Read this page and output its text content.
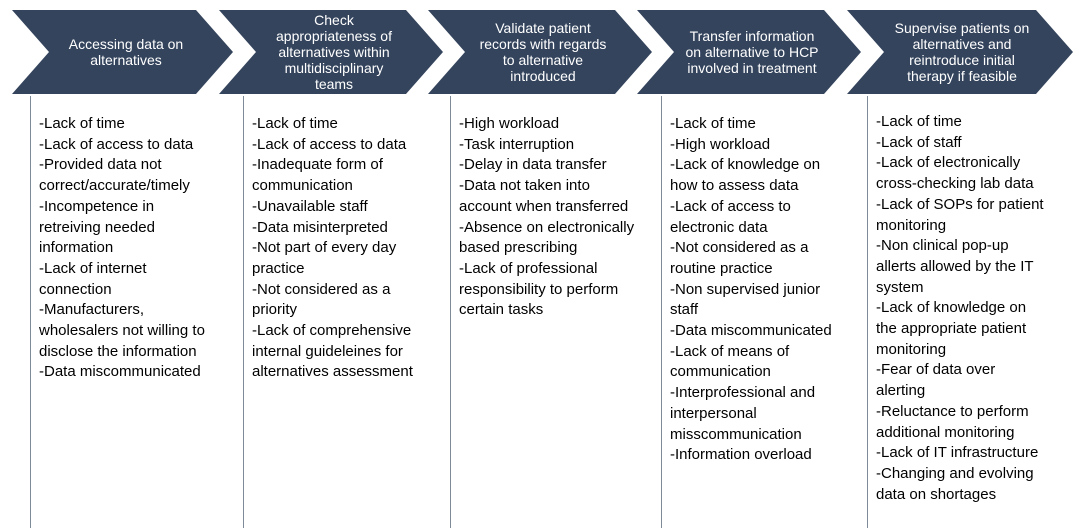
Accessing data on alternatives
Check appropriateness of alternatives within multidisciplinary teams
Validate patient records with regards to alternative introduced
Transfer information on alternative to HCP involved in treatment
Supervise patients on alternatives and reintroduce initial therapy if feasible
-Lack of time
-Lack of access to data
-Provided data not correct/accurate/timely
-Incompetence in retreiving needed information
-Lack of internet connection
-Manufacturers, wholesalers not willing to disclose the information
-Data miscommunicated
-Lack of time
-Lack of access to data
-Inadequate form of communication
-Unavailable staff
-Data misinterpreted
-Not part of every day practice
-Not considered as a priority
-Lack of comprehensive internal guideleines for alternatives assessment
-High workload
-Task interruption
-Delay in data transfer
-Data not taken into account when transferred
-Absence on electronically based prescribing
-Lack of professional responsibility to perform certain tasks
-Lack of time
-High workload
-Lack of knowledge on how to assess data
-Lack of access to electronic data
-Not considered as a routine practice
-Non supervised junior staff
-Data miscommunicated
-Lack of means of communication
-Interprofessional and interpersonal misscommunication
-Information overload
-Lack of time
-Lack of staff
-Lack of electronically cross-checking lab data
-Lack of SOPs for patient monitoring
-Non clinical pop-up allerts allowed by the IT system
-Lack of knowledge on the appropriate patient monitoring
-Fear of data over alerting
-Reluctance to perform additional monitoring
-Lack of IT infrastructure
-Changing and evolving data on shortages
